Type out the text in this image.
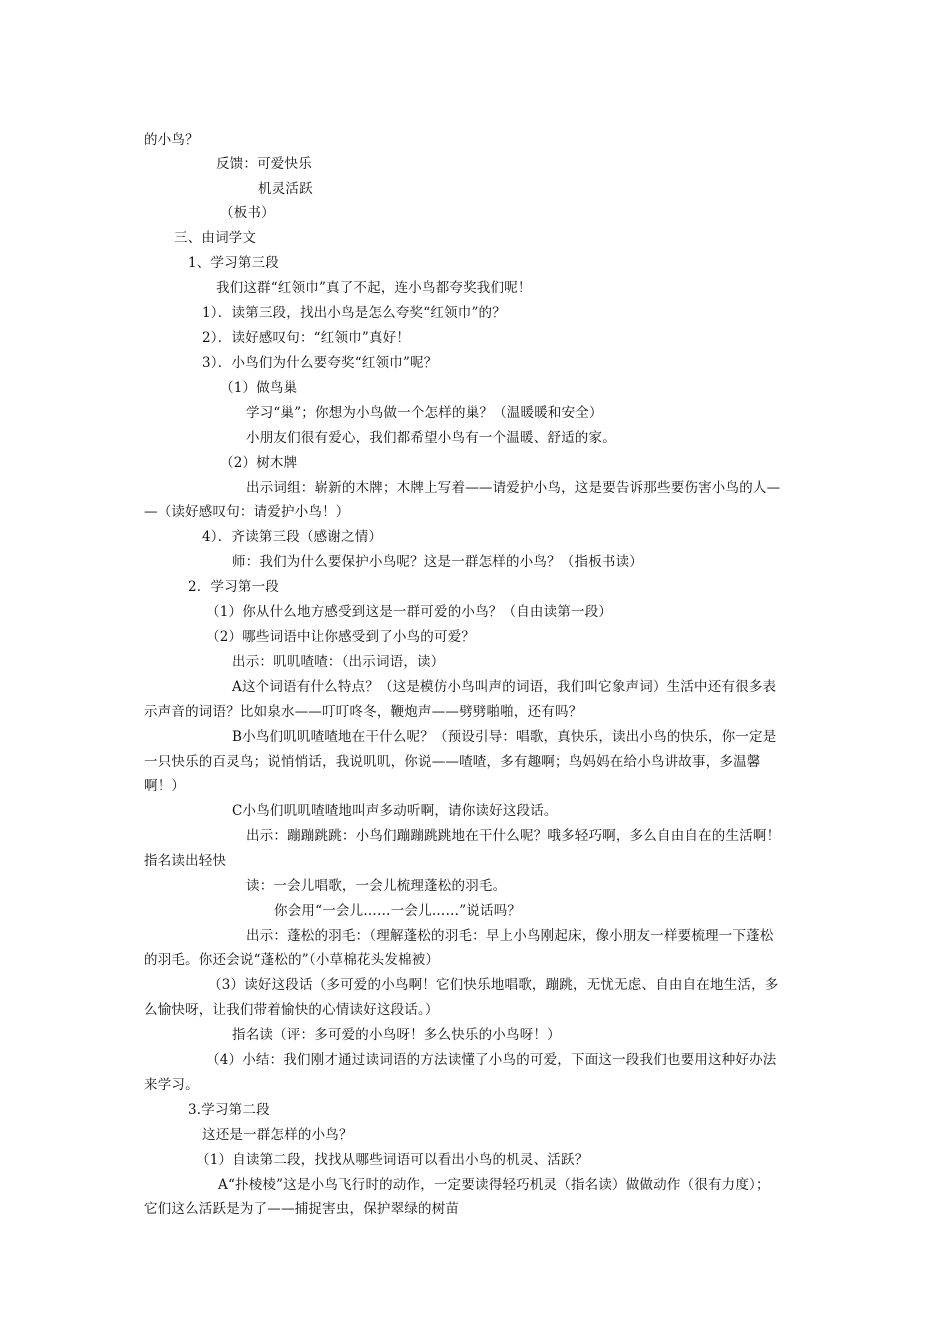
的小鸟？

反馈：可爱快乐

机灵活跃

（板书）

三、由词学文

1、学习第三段

我们这群“红领巾”真了不起，连小鸟都夸奖我们呢！

1）．读第三段，找出小鸟是怎么夸奖“红领巾”的？

2）．读好感叹句：“红领巾”真好！

3）．小鸟们为什么要夸奖“红领巾”呢？

（1）做鸟巢

学习“巢”；你想为小鸟做一个怎样的巢？（温暖暖和安全）

小朋友们很有爱心，我们都希望小鸟有一个温暖、舒适的家。

（2）树木牌

出示词组：崭新的木牌；木牌上写着——请爱护小鸟，这是要告诉那些要伤害小鸟的人—

—（读好感叹句：请爱护小鸟！）

4）．齐读第三段（感谢之情）

师：我们为什么要保护小鸟呢？这是一群怎样的小鸟？（指板书读）

2．学习第一段

（1）你从什么地方感受到这是一群可爱的小鸟？（自由读第一段）

（2）哪些词语中让你感受到了小鸟的可爱？

出示：叽叽喳喳：（出示词语，读）

A这个词语有什么特点？（这是模仿小鸟叫声的词语，我们叫它象声词）生活中还有很多表

示声音的词语？比如泉水——叮叮咚冬，鞭炮声——劈劈啪啪，还有吗？

B小鸟们叽叽喳喳地在干什么呢？（预设引导：唱歌，真快乐，读出小鸟的快乐，你一定是

一只快乐的百灵鸟；说悄悄话，我说叽叽，你说——喳喳，多有趣啊；鸟妈妈在给小鸟讲故事，多温馨

啊！）

C小鸟们叽叽喳喳地叫声多动听啊，请你读好这段话。

出示：蹦蹦跳跳：小鸟们蹦蹦跳跳地在干什么呢？哦多轻巧啊，多么自由自在的生活啊！

指名读出轻快

读：一会儿唱歌，一会儿梳理蓬松的羽毛。

你会用“一会儿……一会儿……”说话吗？

出示：蓬松的羽毛：（理解蓬松的羽毛：早上小鸟刚起床，像小朋友一样要梳理一下蓬松

的羽毛。你还会说“蓬松的”（小草棉花头发棉被）

（3）读好这段话（多可爱的小鸟啊！它们快乐地唱歌，蹦跳，无忧无虑、自由自在地生活，多

么愉快呀，让我们带着愉快的心情读好这段话。）

指名读（评：多可爱的小鸟呀！多么快乐的小鸟呀！）

（4）小结：我们刚才通过读词语的方法读懂了小鸟的可爱，下面这一段我们也要用这种好办法

来学习。

3.学习第二段

这还是一群怎样的小鸟？

（1）自读第二段，找找从哪些词语可以看出小鸟的机灵、活跃？

A“扑棱棱”这是小鸟飞行时的动作，一定要读得轻巧机灵（指名读）做做动作（很有力度）；

它们这么活跃是为了——捕捉害虫，保护翠绿的树苗
